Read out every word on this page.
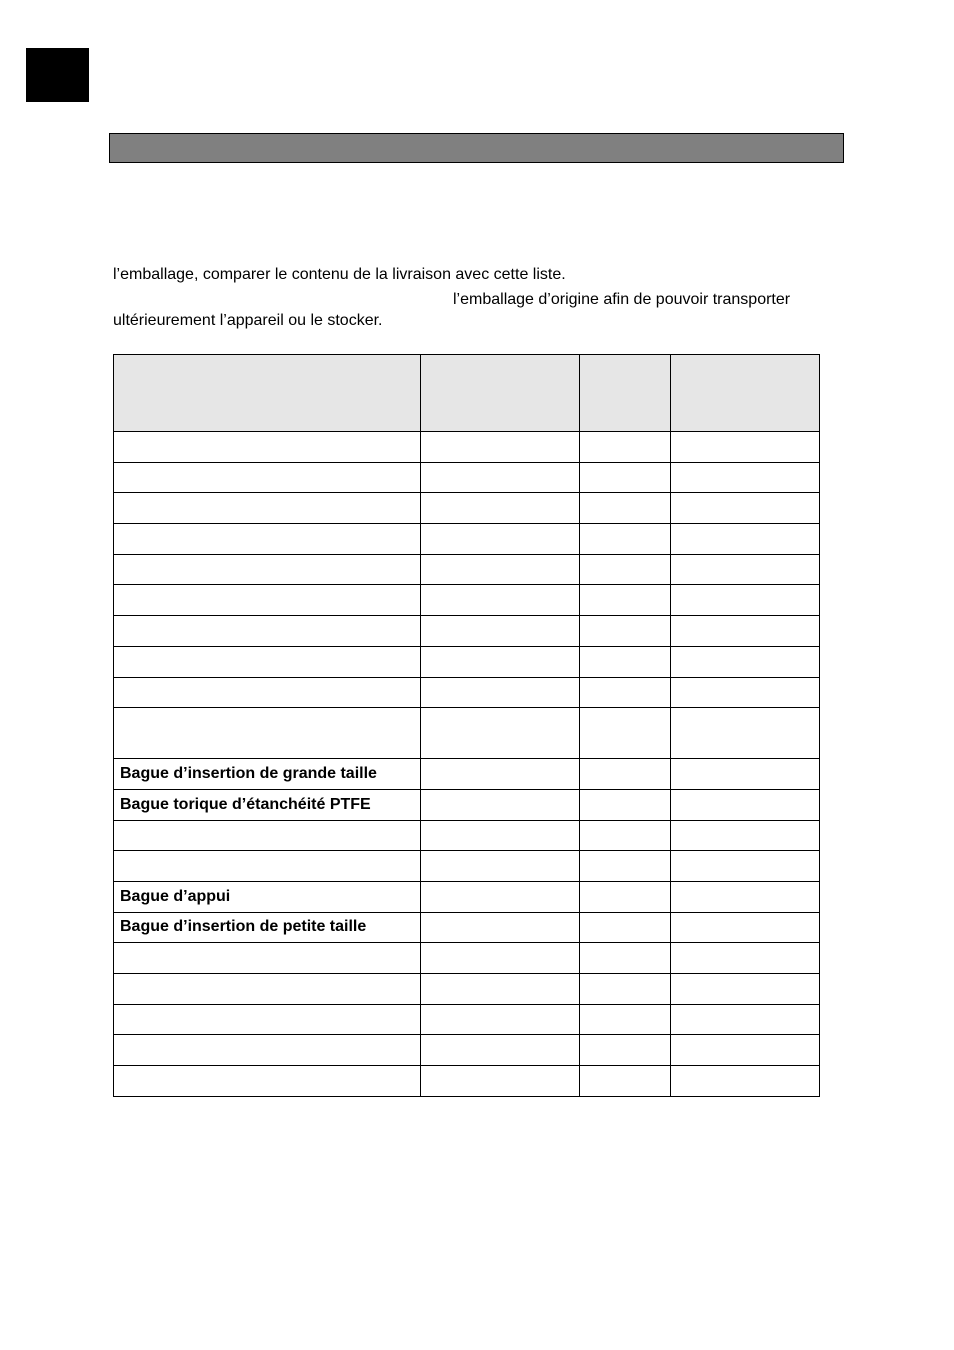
l’emballage, comparer le contenu de la livraison avec cette liste.
l’emballage d’origine afin de pouvoir transporter
ultérieurement l’appareil ou le stocker.

Bague d’insertion de grande taille			
Bague torique d’étanchéité PTFE			

Bague d’appui			
Bague d’insertion de petite taille			
